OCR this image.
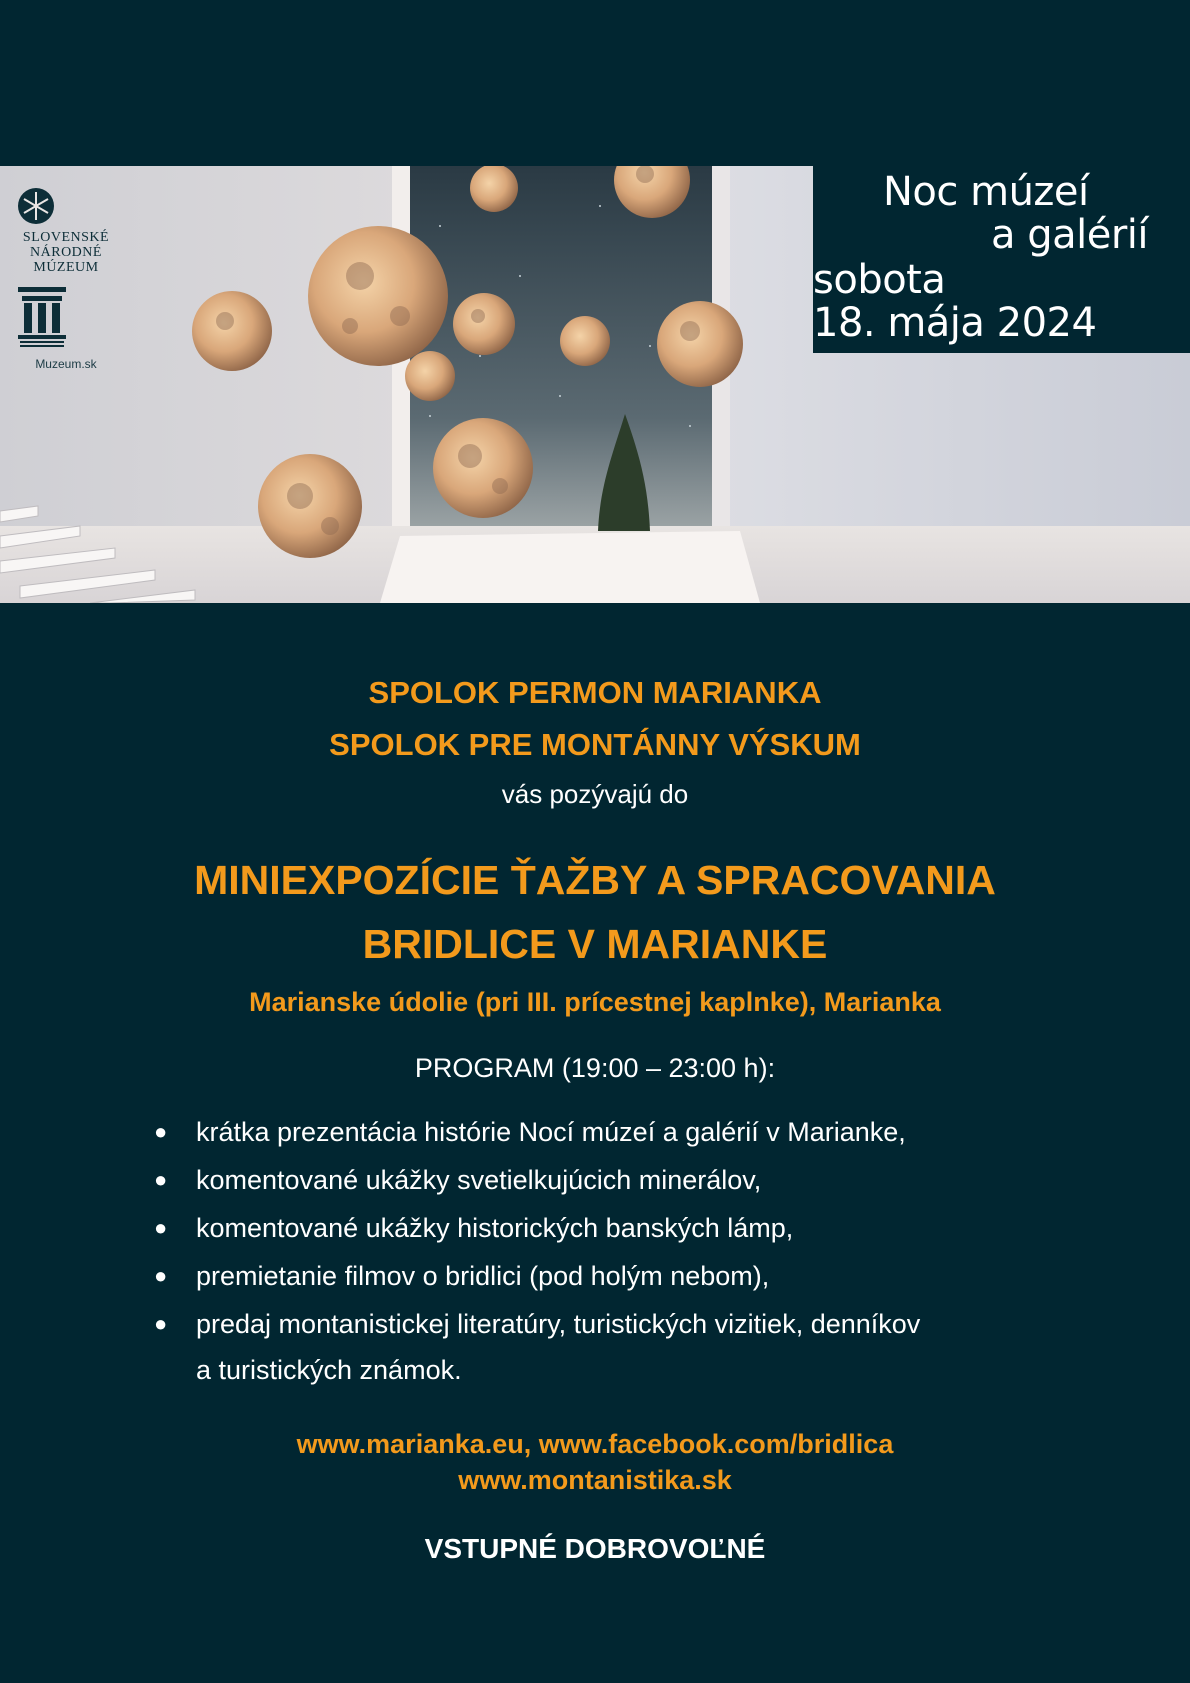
SLOVENSKÉ
NÁRODNÉ
MÚZEUM
Muzeum.sk
Noc múzeí
a galérií
sobota
18. mája 2024
SPOLOK PERMON MARIANKA
SPOLOK PRE MONTÁNNY VÝSKUM
vás pozývajú do
MINIEXPOZÍCIE ŤAŽBY A SPRACOVANIA
BRIDLICE V MARIANKE
Marianske údolie (pri III. prícestnej kaplnke), Marianka
PROGRAM (19:00 – 23:00 h):
● krátka prezentácia histórie Nocí múzeí a galérií v Marianke,
● komentované ukážky svetielkujúcich minerálov,
● komentované ukážky historických banských lámp,
● premietanie filmov o bridlici (pod holým nebom),
● predaj montanistickej literatúry, turistických vizitiek, denníkov
a turistických známok.
www.marianka.eu, www.facebook.com/bridlica
www.montanistika.sk
VSTUPNÉ DOBROVOĽNÉ
